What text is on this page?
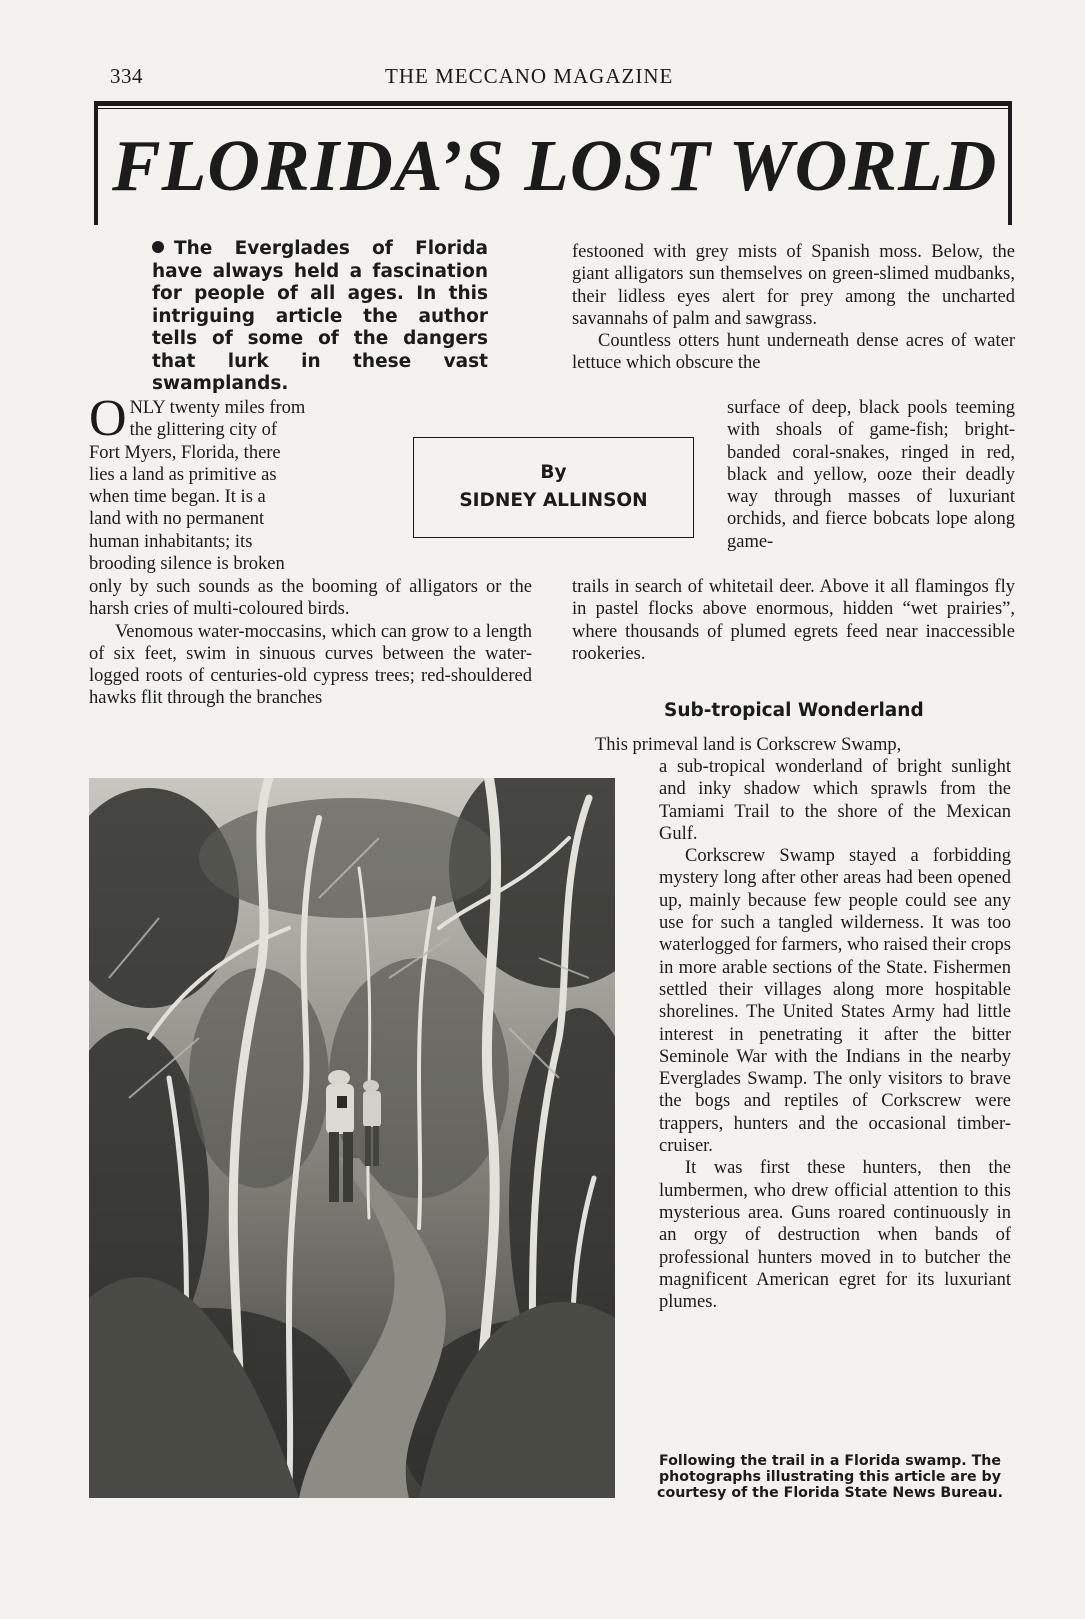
334	THE MECCANO MAGAZINE
FLORIDA’S LOST WORLD
The Everglades of Florida have always held a fascination for people of all ages. In this intriguing article the author tells of some of the dangers that lurk in these vast swamplands.
O NLY twenty miles from
the glittering city of
Fort Myers, Florida, there
lies a land as primitive as
when time began. It is a
land with no permanent
human inhabitants; its
brooding silence is broken

only by such sounds as the booming of alligators or the harsh cries of multi-coloured birds.

Venomous water-moccasins, which can grow to a length of six feet, swim in sinuous curves between the water-logged roots of centuries-old cypress trees; red-shouldered hawks flit through the branches

By
SIDNEY ALLINSON

festooned with grey mists of Spanish moss. Below, the giant alligators sun themselves on green-slimed mudbanks, their lidless eyes alert for prey among the uncharted savannahs of palm and sawgrass.

Countless otters hunt underneath dense acres of water lettuce which obscure the

surface of deep, black pools teeming with shoals of game-fish; bright-banded coral-snakes, ringed in red, black and yellow, ooze their deadly way through masses of luxuriant orchids, and fierce bobcats lope along game-

trails in search of whitetail deer. Above it all flamingos fly in pastel flocks above enormous, hidden “wet prairies”, where thousands of plumed egrets feed near inaccessible rookeries.

Sub-tropical Wonderland

This primeval land is Corkscrew Swamp,

a sub-tropical wonderland of bright sunlight and inky shadow which sprawls from the Tamiami Trail to the shore of the Mexican Gulf.

Corkscrew Swamp stayed a forbidding mystery long after other areas had been opened up, mainly because few people could see any use for such a tangled wilderness. It was too waterlogged for farmers, who raised their crops in more arable sections of the State. Fishermen settled their villages along more hospitable shorelines. The United States Army had little interest in penetrating it after the bitter Seminole War with the Indians in the nearby Everglades Swamp. The only visitors to brave the bogs and reptiles of Corkscrew were trappers, hunters and the occasional timber-cruiser.

It was first these hunters, then the lumbermen, who drew official attention to this mysterious area. Guns roared continuously in an orgy of destruction when bands of professional hunters moved in to butcher the magnificent American egret for its luxuriant plumes.

Following the trail in a Florida swamp. The photographs illustrating this article are by courtesy of the Florida State News Bureau.
